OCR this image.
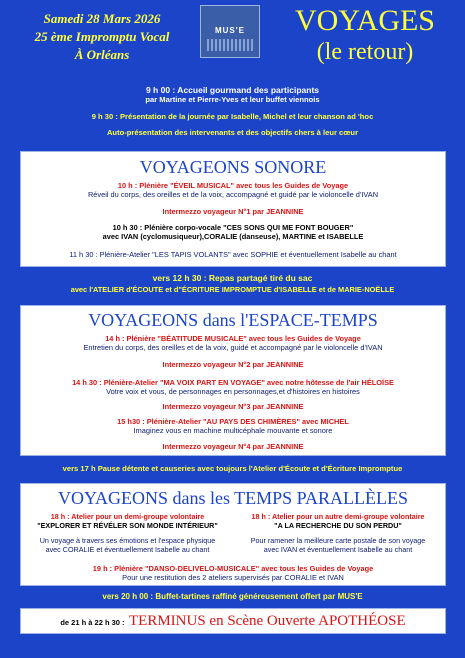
Samedi 28 Mars 2026
25 ème Impromptu Vocal
À Orléans
MUS'E	VOYAGES
(le retour)
9 h 00 : Accueil gourmand des participants
par Martine et Pierre-Yves et leur buffet viennois
9 h 30 : Présentation de la journée par Isabelle, Michel et leur chanson ad 'hoc
Auto-présentation des intervenants et des objectifs chers à leur cœur
VOYAGEONS SONORE
10 h : Plénière "ÉVEIL MUSICAL" avec tous les Guides de Voyage
Réveil du corps, des oreilles et de la voix, accompagné et guidé par le violoncelle d'IVAN
Intermezzo voyageur N°1 par JEANNINE
10 h 30 : Plénière corpo-vocale "CES SONS QUI ME FONT BOUGER"
avec IVAN (cyclomusiqueur),CORALIE (danseuse), MARTINE et ISABELLE
11 h 30 : Plénière-Atelier "LES TAPIS VOLANTS" avec SOPHIE et éventuellement Isabelle au chant
vers 12 h 30 : Repas partagé tiré du sac
avec l'ATELIER d'ÉCOUTE et d"ÉCRITURE IMPROMPTUE d'ISABELLE et de MARIE-NOËLLE
VOYAGEONS dans l'ESPACE-TEMPS
14 h : Plénière "BÉATITUDE MUSICALE" avec tous les Guides de Voyage
Entretien du corps, des oreilles et de la voix, guidé et accompagné par le violoncelle d'IVAN
Intermezzo voyageur N°2 par JEANNINE
14 h 30 : Plénière-Atelier "MA VOIX PART EN VOYAGE" avec notre hôtesse de l'air HÉLOÏSE
Votre voix et vous, de personnages en personnages,et d'histoires en histoires
Intermezzo voyageur N°3 par JEANNINE
15 h30 : Plénière-Atelier "AU PAYS DES CHIMÈRES" avec MICHEL
Imaginez vous en machine multicéphale mouvante et sonore
Intermezzo voyageur N°4 par JEANNINE
vers 17 h Pause détente et causeries avec toujours l'Atelier d'Écoute et d'Écriture Impromptue
VOYAGEONS dans les TEMPS PARALLÈLES
18 h : Atelier pour un demi-groupe volontaire
"EXPLORER ET RÉVÉLER SON MONDE INTÉRIEUR"
Un voyage à travers ses émotions et l'espace physique
avec CORALIE et éventuellement Isabelle au chant
18 h : Atelier pour un autre demi-groupe volontaire
"A LA RECHERCHE DU SON PERDU"
Pour ramener la meilleure carte postale de son voyage
avec IVAN et éventuellement Isabelle au chant
19 h : Plénière "DANSO-DELIVELO-MUSICALE" avec tous les Guides de Voyage
Pour une restitution des 2 ateliers supervisés par CORALIE et IVAN
vers 20 h 00 : Buffet-tartines raffiné généreusement offert par MUS'E
de 21 h à 22 h 30 : TERMINUS en Scène Ouverte APOTHÉOSE
